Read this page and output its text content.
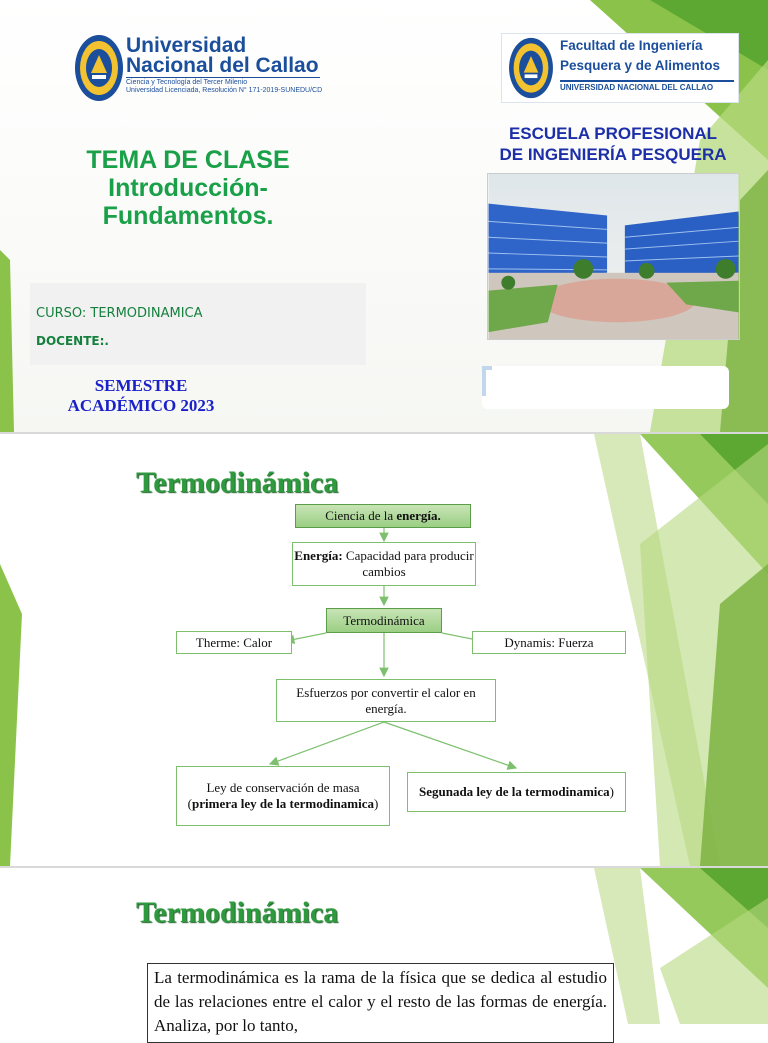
Universidad
Nacional del Callao
Ciencia y Tecnología del Tercer Milenio
Universidad Licenciada, Resolución N° 171-2019-SUNEDU/CD
Facultad de Ingeniería
Pesquera y de Alimentos
UNIVERSIDAD NACIONAL DEL CALLAO
TEMA DE CLASE
Introducción-
Fundamentos.
ESCUELA PROFESIONAL
DE INGENIERÍA PESQUERA
CURSO: TERMODINAMICA
DOCENTE:.
SEMESTRE
ACADÉMICO 2023
Termodinámica
Ciencia de la energía.
Energía: Capacidad para producir cambios
Termodinámica
Therme: Calor	Dynamis: Fuerza
Esfuerzos por convertir el calor en energía.
Ley de conservación de masa
(primera ley de la termodinamica)
Segunada ley de la termodinamica)
Termodinámica
La termodinámica es la rama de la física que se dedica al estudio de las relaciones entre el calor y el resto de las formas de energía. Analiza, por lo tanto,
